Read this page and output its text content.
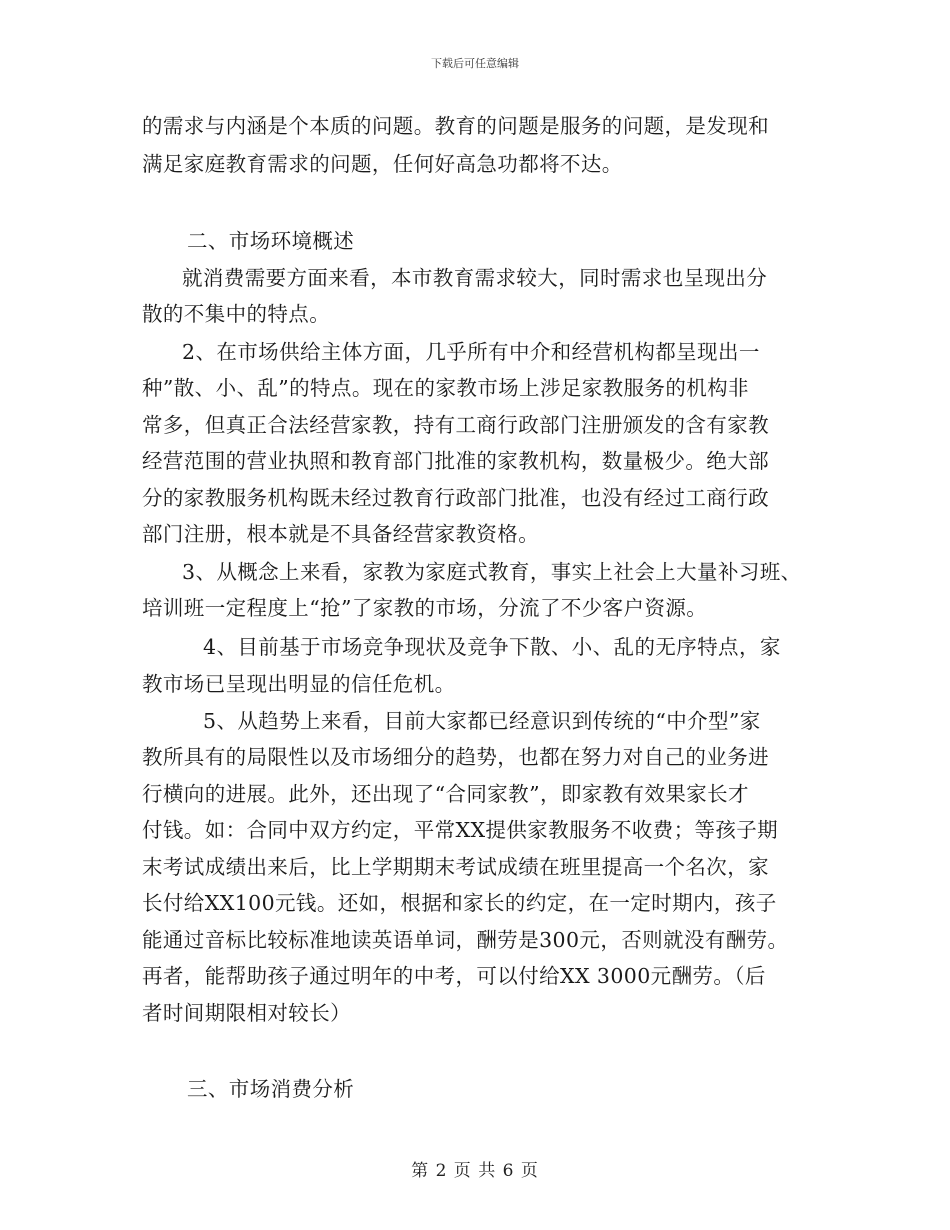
下载后可任意编辑
的需求与内涵是个本质的问题。教育的问题是服务的问题，是发现和
满足家庭教育需求的问题，任何好高急功都将不达。
二、市场环境概述
就消费需要方面来看，本市教育需求较大，同时需求也呈现出分
散的不集中的特点。
2、在市场供给主体方面，几乎所有中介和经营机构都呈现出一
种”散、小、乱”的特点。现在的家教市场上涉足家教服务的机构非
常多，但真正合法经营家教，持有工商行政部门注册颁发的含有家教
经营范围的营业执照和教育部门批准的家教机构，数量极少。绝大部
分的家教服务机构既未经过教育行政部门批准，也没有经过工商行政
部门注册，根本就是不具备经营家教资格。
3、从概念上来看，家教为家庭式教育，事实上社会上大量补习班、
培训班一定程度上“抢”了家教的市场，分流了不少客户资源。
4、目前基于市场竞争现状及竞争下散、小、乱的无序特点，家
教市场已呈现出明显的信任危机。
5、从趋势上来看，目前大家都已经意识到传统的“中介型”家
教所具有的局限性以及市场细分的趋势，也都在努力对自己的业务进
行横向的进展。此外，还出现了“合同家教”，即家教有效果家长才
付钱。如：合同中双方约定，平常XX提供家教服务不收费；等孩子期
末考试成绩出来后，比上学期期末考试成绩在班里提高一个名次，家
长付给XX100元钱。还如，根据和家长的约定，在一定时期内，孩子
能通过音标比较标准地读英语单词，酬劳是300元，否则就没有酬劳。
再者，能帮助孩子通过明年的中考，可以付给XX 3000元酬劳。（后
者时间期限相对较长）
三、市场消费分析
第 2 页 共 6 页
